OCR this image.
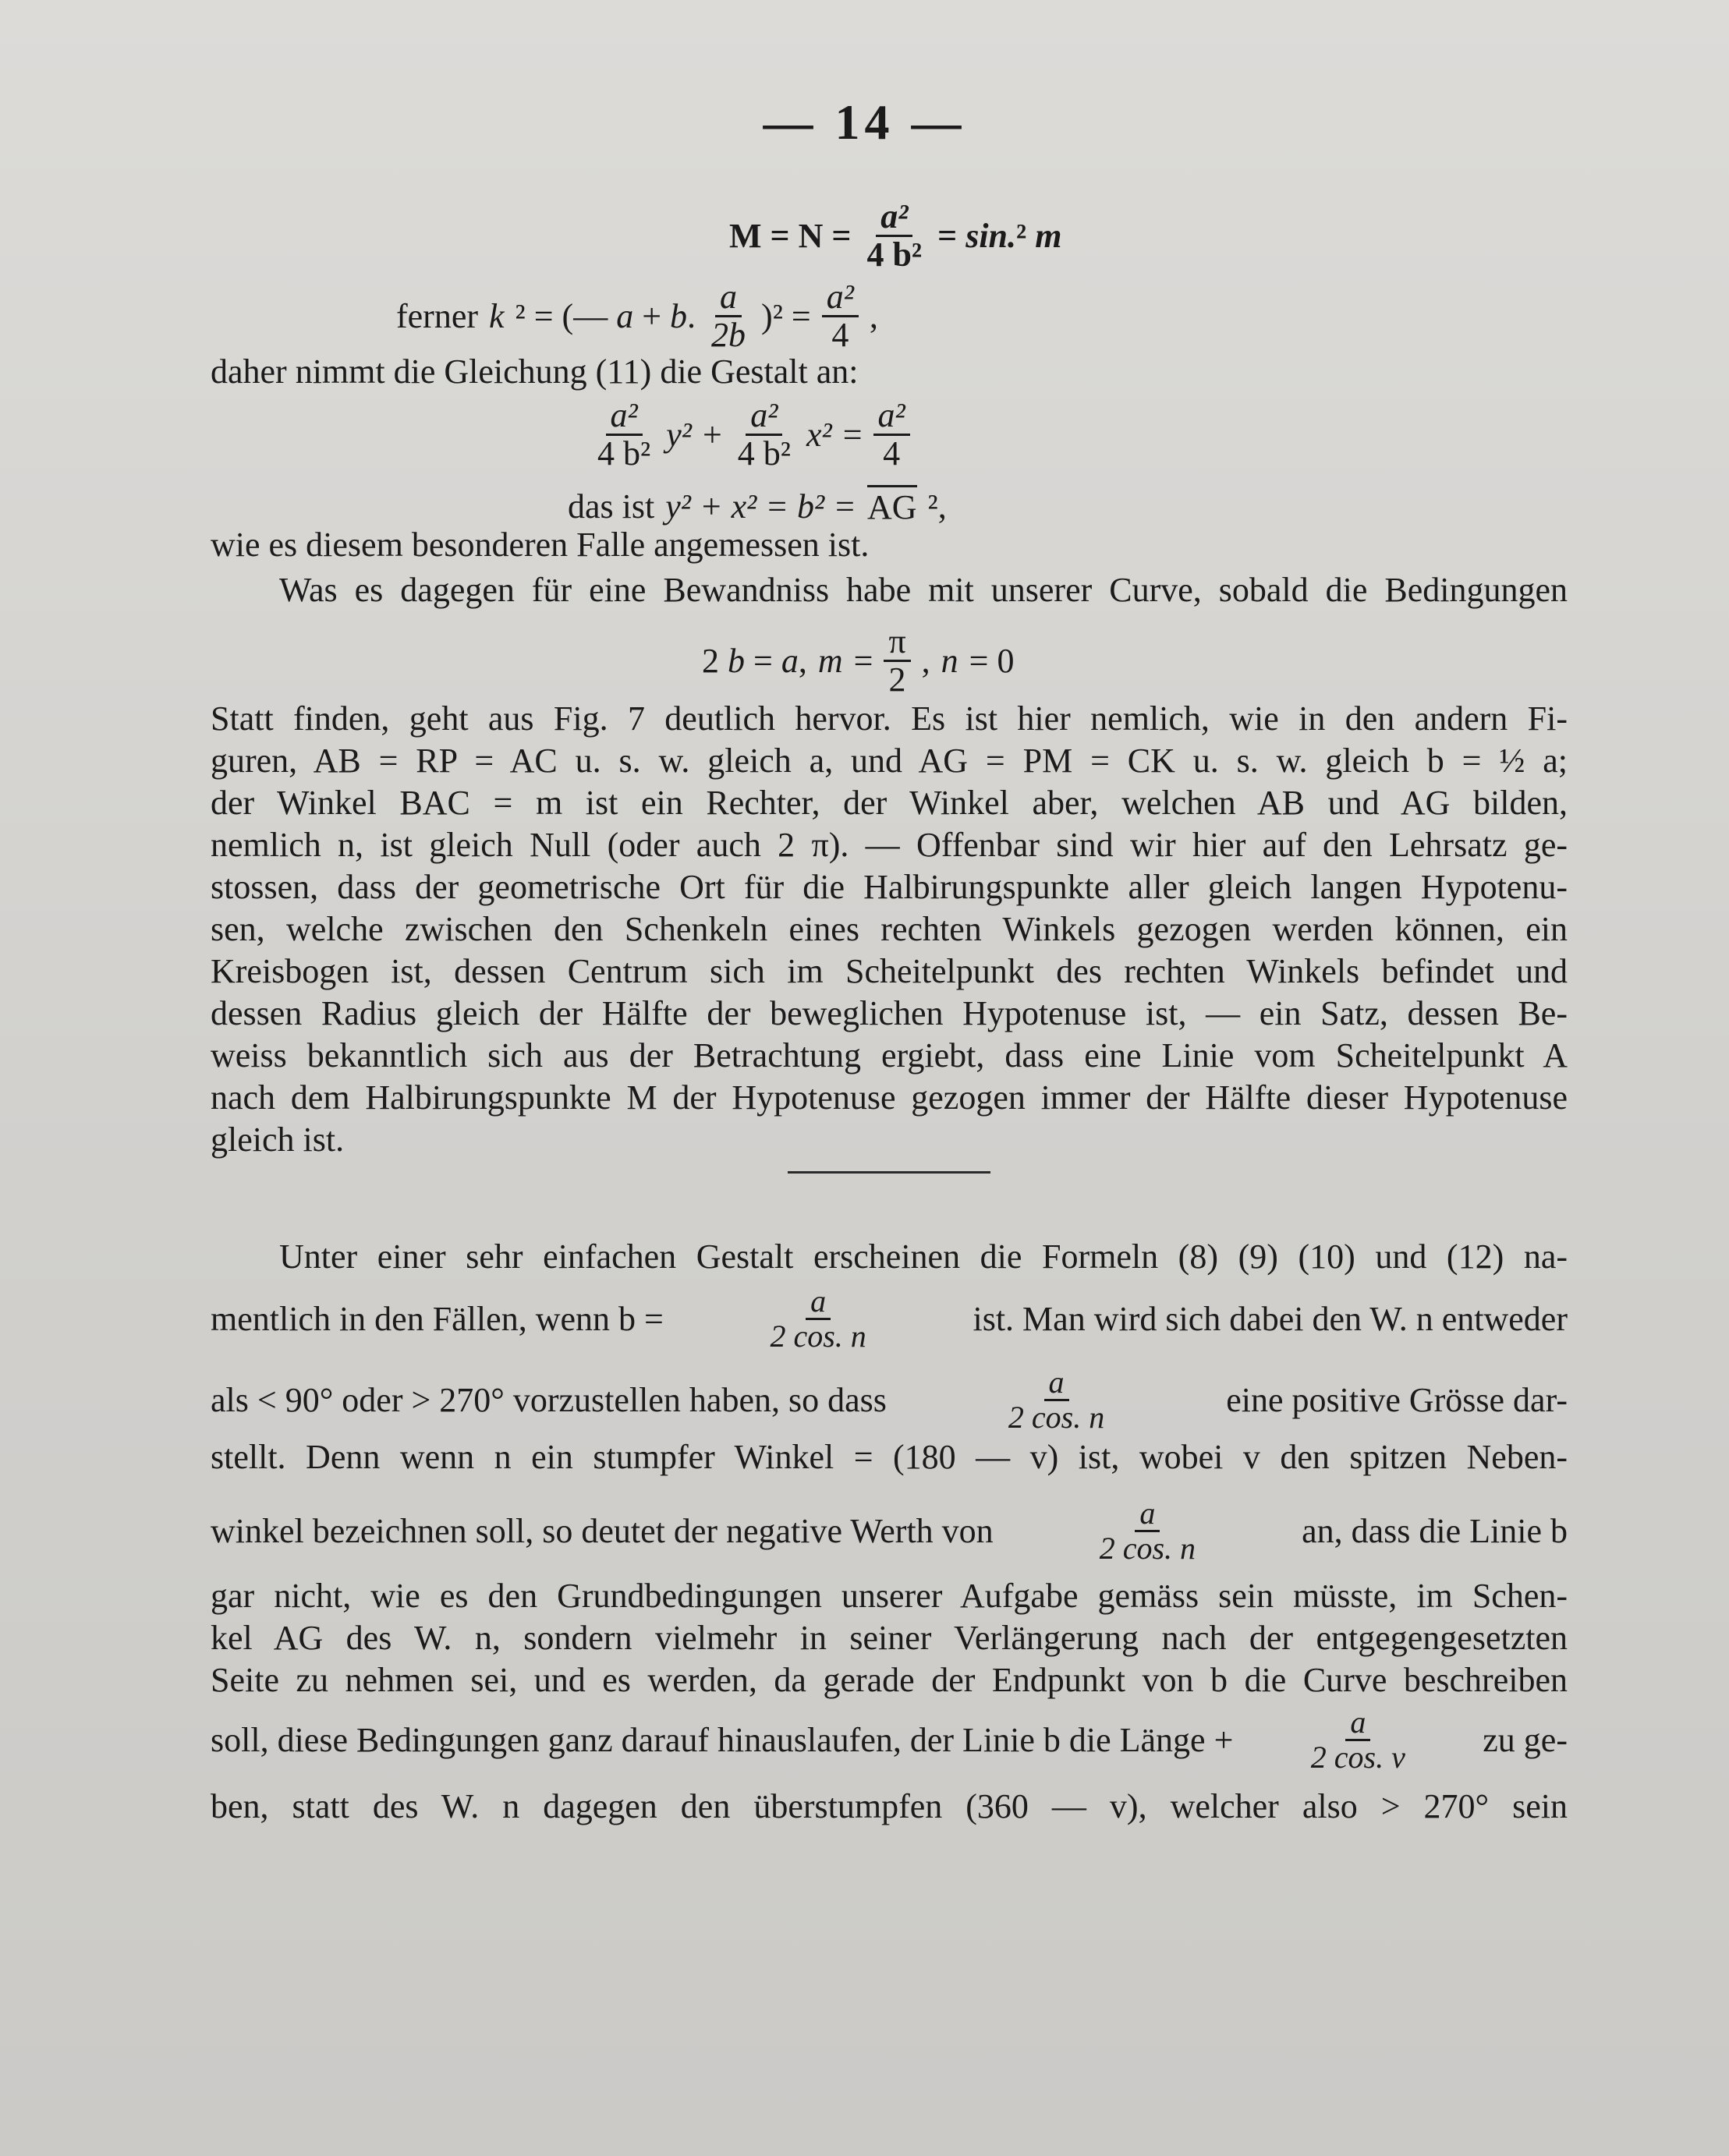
— 14 —
$M = N = \frac{\text{a²}}{\text{4 b²}} = \sin.^2$ m
ferner k ² = (— a + b. $\frac{a}{2b} )^2 = \frac{\text{a²}}{4}$ ,
daher nimmt die Gleichung (11) die Gestalt an:
$\frac{\text{a²}}{\text{4 b²}} y^2 + \frac{\text{a²}}{\text{4 b²}} x^2 = \frac{\text{a²}}{4}$
das ist y² + x² = b² = AG ²,
wie es diesem besonderen Falle angemessen ist.
Was es dagegen für eine Bewandniss habe mit unserer Curve, sobald die Bedingungen
2 b = a, $m = \frac{\pi}{2}$ , n = 0
Statt finden, geht aus Fig. 7 deutlich hervor. Es ist hier nemlich, wie in den andern Fi-
guren, AB = RP = AC u. s. w. gleich a, und AG = PM = CK u. s. w. gleich b = ½ a;
der Winkel BAC = m ist ein Rechter, der Winkel aber, welchen AB und AG bilden,
nemlich n, ist gleich Null (oder auch 2 π). — Offenbar sind wir hier auf den Lehrsatz ge-
stossen, dass der geometrische Ort für die Halbirungspunkte aller gleich langen Hypotenu-
sen, welche zwischen den Schenkeln eines rechten Winkels gezogen werden können, ein
Kreisbogen ist, dessen Centrum sich im Scheitelpunkt des rechten Winkels befindet und
dessen Radius gleich der Hälfte der beweglichen Hypotenuse ist, — ein Satz, dessen Be-
weiss bekanntlich sich aus der Betrachtung ergiebt, dass eine Linie vom Scheitelpunkt A
nach dem Halbirungspunkte M der Hypotenuse gezogen immer der Hälfte dieser Hypotenuse
gleich ist.
Unter einer sehr einfachen Gestalt erscheinen die Formeln (8) (9) (10) und (12) na-
mentlich in den Fällen, wenn b =	$\frac{a}{2 \cos. n}$	ist. Man wird sich dabei den W. n entweder
als < 90° oder > 270° vorzustellen haben, so dass	$\frac{a}{2 \cos. n}$	eine positive Grösse dar-
stellt. Denn wenn n ein stumpfer Winkel = (180 — v) ist, wobei v den spitzen Neben-
winkel bezeichnen soll, so deutet der negative Werth von	$\frac{a}{2 \cos. n}$	an, dass die Linie b
gar nicht, wie es den Grundbedingungen unserer Aufgabe gemäss sein müsste, im Schen-
kel AG des W. n, sondern vielmehr in seiner Verlängerung nach der entgegengesetzten
Seite zu nehmen sei, und es werden, da gerade der Endpunkt von b die Curve beschreiben
soll, diese Bedingungen ganz darauf hinauslaufen, der Linie b die Länge + $\frac{a}{2 \cos. v}$ zu ge-
ben, statt des W. n dagegen den überstumpfen (360 — v), welcher also > 270° sein
